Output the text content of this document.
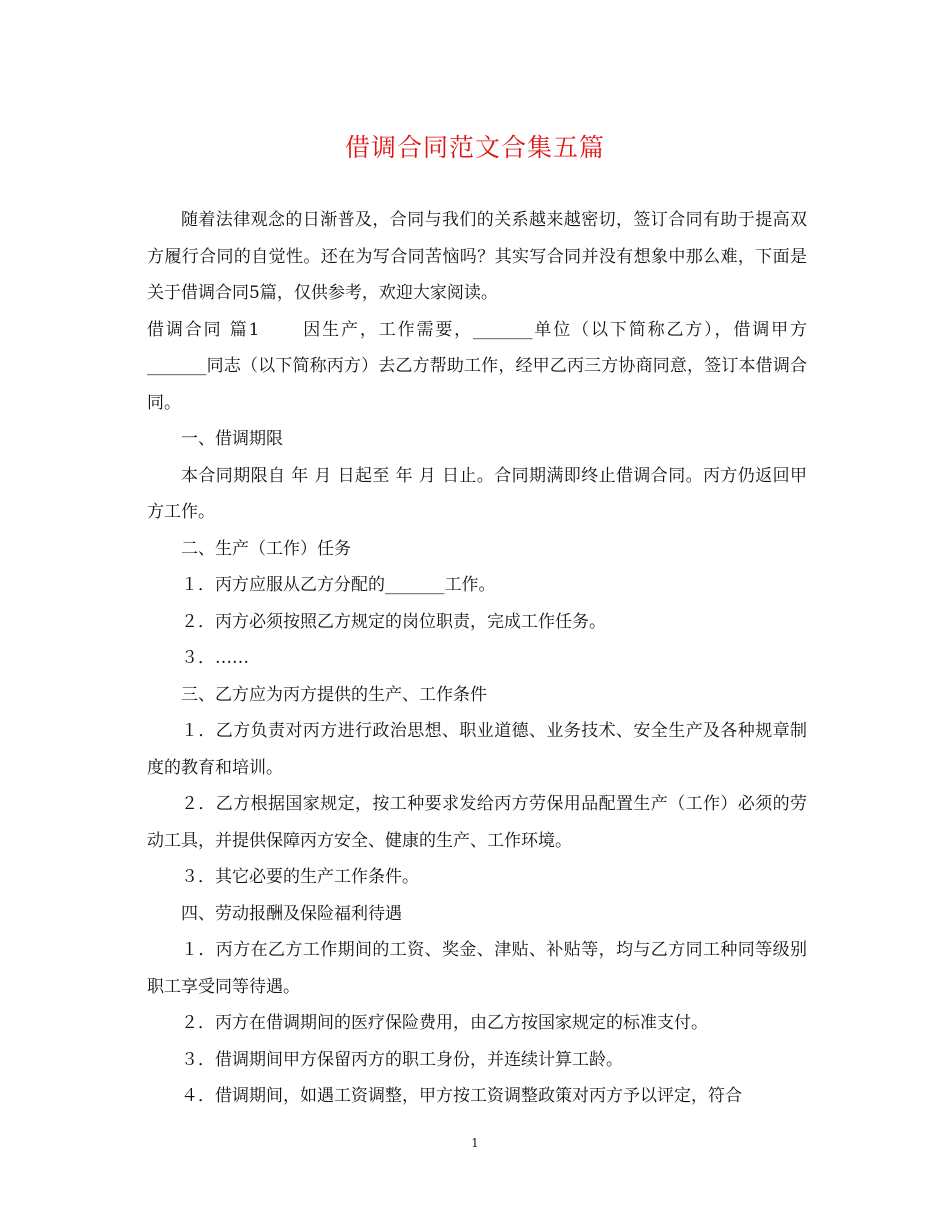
借调合同范文合集五篇

随着法律观念的日渐普及，合同与我们的关系越来越密切，签订合同有助于提高双方履行合同的自觉性。还在为写合同苦恼吗？其实写合同并没有想象中那么难，下面是关于借调合同5篇，仅供参考，欢迎大家阅读。

借调合同 篇1 因生产，工作需要，_______单位（以下简称乙方），借调甲方_______同志（以下简称丙方）去乙方帮助工作，经甲乙丙三方协商同意，签订本借调合同。

一、借调期限

本合同期限自 年 月 日起至 年 月 日止。合同期满即终止借调合同。丙方仍返回甲方工作。

二、生产（工作）任务

１．丙方应服从乙方分配的_______工作。

２．丙方必须按照乙方规定的岗位职责，完成工作任务。

３．……

三、乙方应为丙方提供的生产、工作条件

１．乙方负责对丙方进行政治思想、职业道德、业务技术、安全生产及各种规章制度的教育和培训。

２．乙方根据国家规定，按工种要求发给丙方劳保用品配置生产（工作）必须的劳动工具，并提供保障丙方安全、健康的生产、工作环境。

３．其它必要的生产工作条件。

四、劳动报酬及保险福利待遇

１．丙方在乙方工作期间的工资、奖金、津贴、补贴等，均与乙方同工种同等级别职工享受同等待遇。

２．丙方在借调期间的医疗保险费用，由乙方按国家规定的标准支付。

３．借调期间甲方保留丙方的职工身份，并连续计算工龄。

４．借调期间，如遇工资调整，甲方按工资调整政策对丙方予以评定，符合

1
